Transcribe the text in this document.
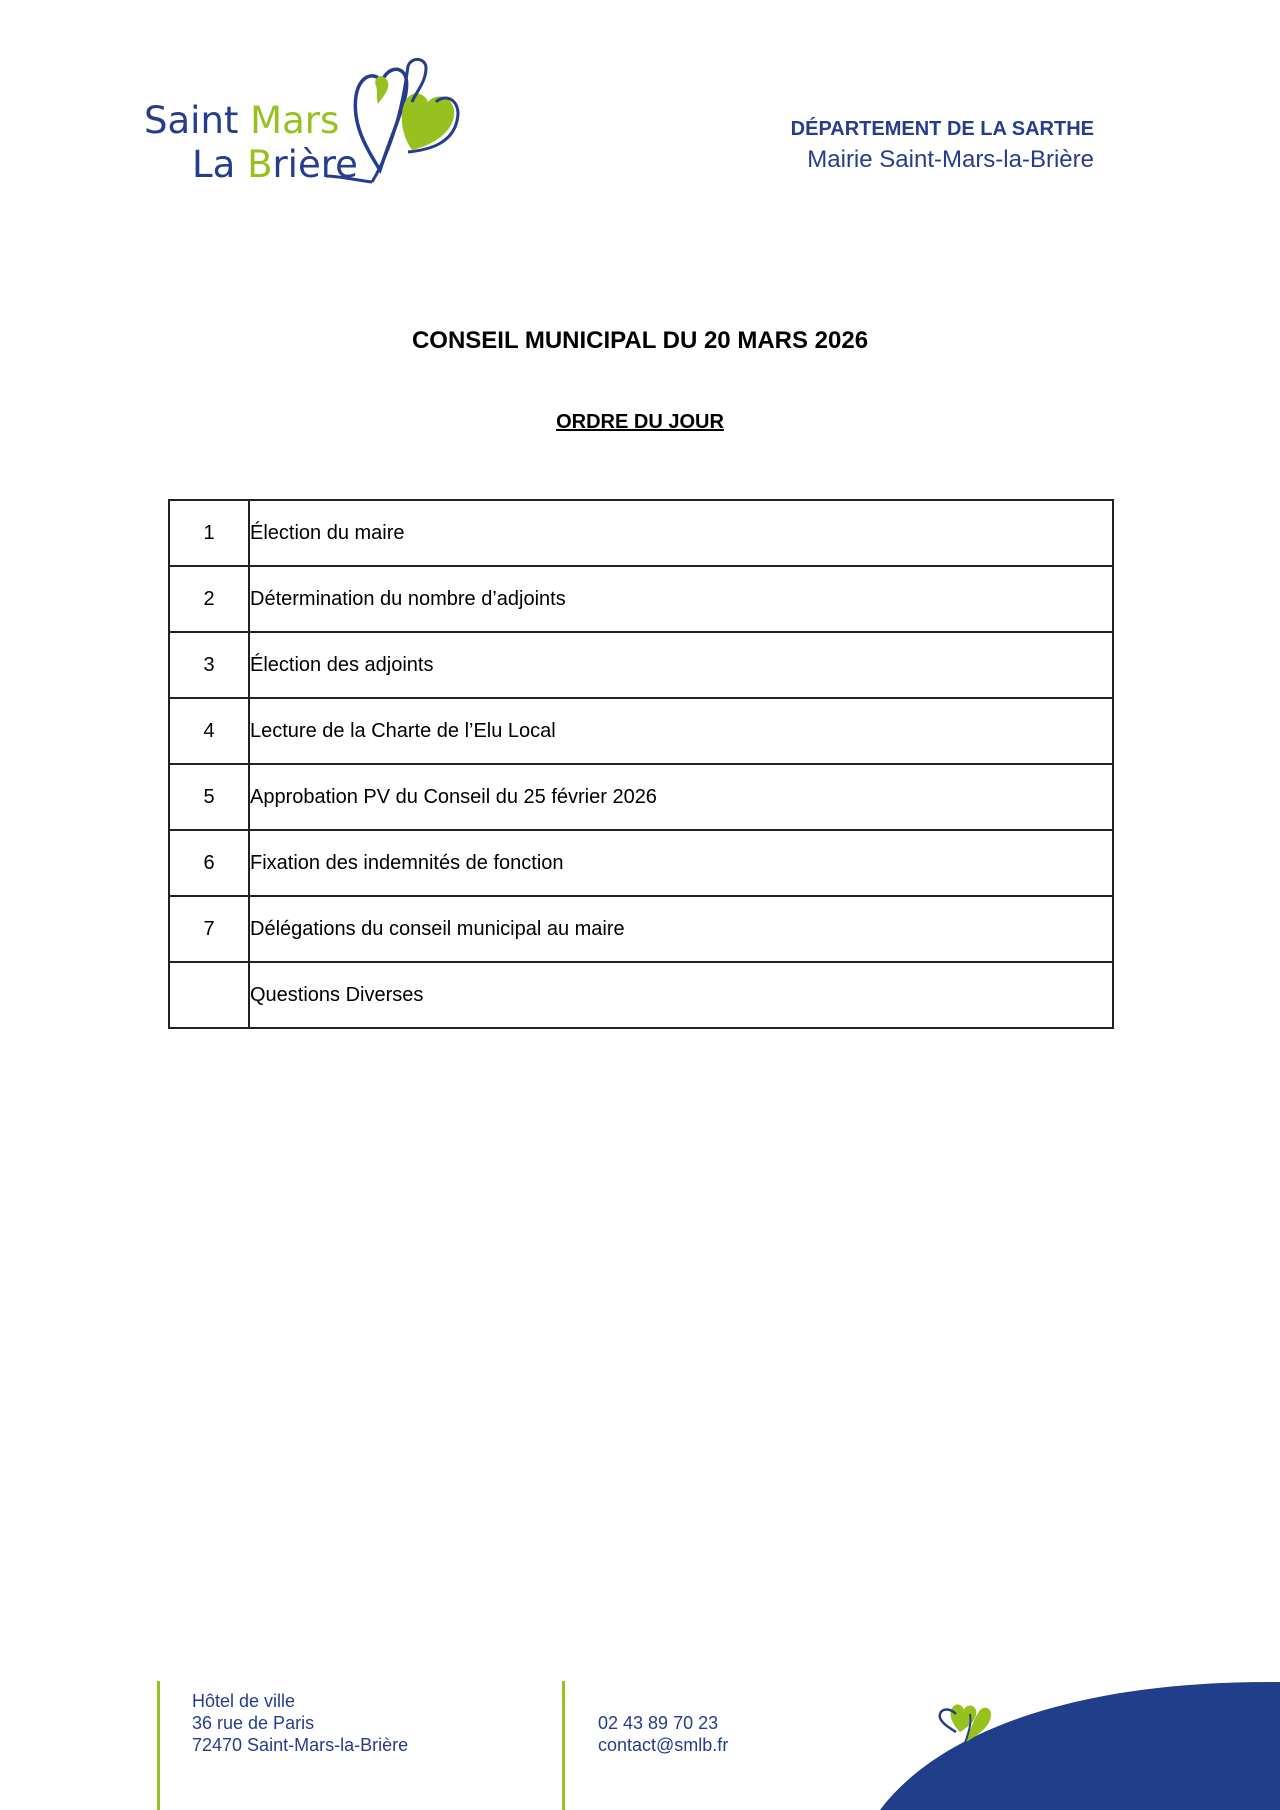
Saint Mars
La Brière
DÉPARTEMENT DE LA SARTHE
Mairie Saint-Mars-la-Brière
CONSEIL MUNICIPAL DU 20 MARS 2026
ORDRE DU JOUR
1	Élection du maire
2	Détermination du nombre d’adjoints
3	Élection des adjoints
4	Lecture de la Charte de l’Elu Local
5	Approbation PV du Conseil du 25 février 2026
6	Fixation des indemnités de fonction
7	Délégations du conseil municipal au maire
	Questions Diverses
Hôtel de ville
36 rue de Paris
72470 Saint-Mars-la-Brière
02 43 89 70 23
contact@smlb.fr
